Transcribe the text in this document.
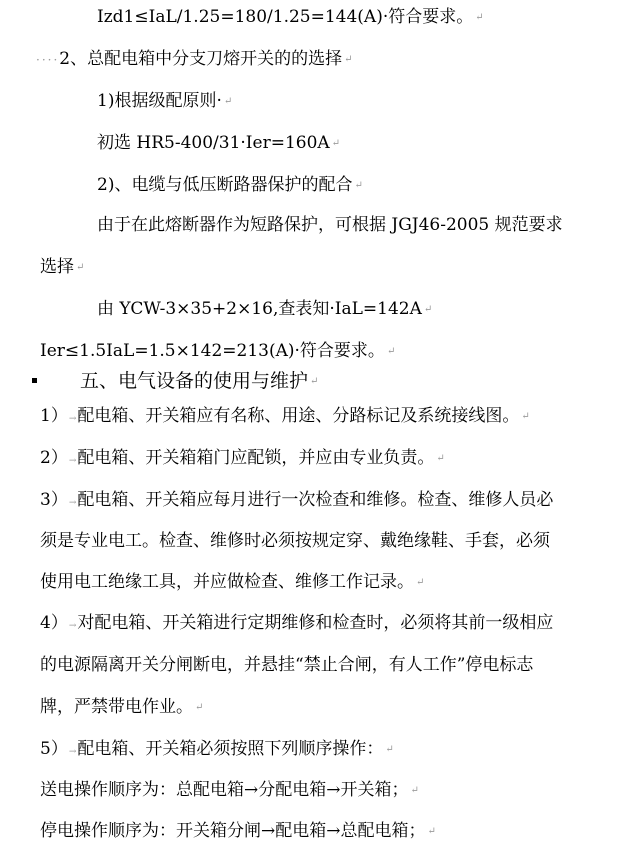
Izd1≤IaL/1.25=180/1.25=144(A)·符合要求。 ↵
····2、总配电箱中分支刀熔开关的的选择 ↵
1)根据级配原则· ↵
初选 HR5-400/31·Ier=160A ↵
2)、电缆与低压断路器保护的配合 ↵
由于在此熔断器作为短路保护，可根据 JGJ46-2005 规范要求
选择 ↵
由 YCW-3×35+2×16,查表知·IaL=142A ↵
Ier≤1.5IaL=1.5×142=213(A)·符合要求。 ↵
五、电气设备的使用与维护 ↵
1）→配电箱、开关箱应有名称、用途、分路标记及系统接线图。 ↵
2）→配电箱、开关箱箱门应配锁，并应由专业负责。 ↵
3）→配电箱、开关箱应每月进行一次检查和维修。检查、维修人员必
须是专业电工。检查、维修时必须按规定穿、戴绝缘鞋、手套，必须
使用电工绝缘工具，并应做检查、维修工作记录。 ↵
4）→对配电箱、开关箱进行定期维修和检查时，必须将其前一级相应
的电源隔离开关分闸断电，并悬挂“禁止合闸，有人工作”停电标志
牌，严禁带电作业。 ↵
5）→配电箱、开关箱必须按照下列顺序操作： ↵
送电操作顺序为：总配电箱→分配电箱→开关箱； ↵
停电操作顺序为：开关箱分闸→配电箱→总配电箱； ↵
